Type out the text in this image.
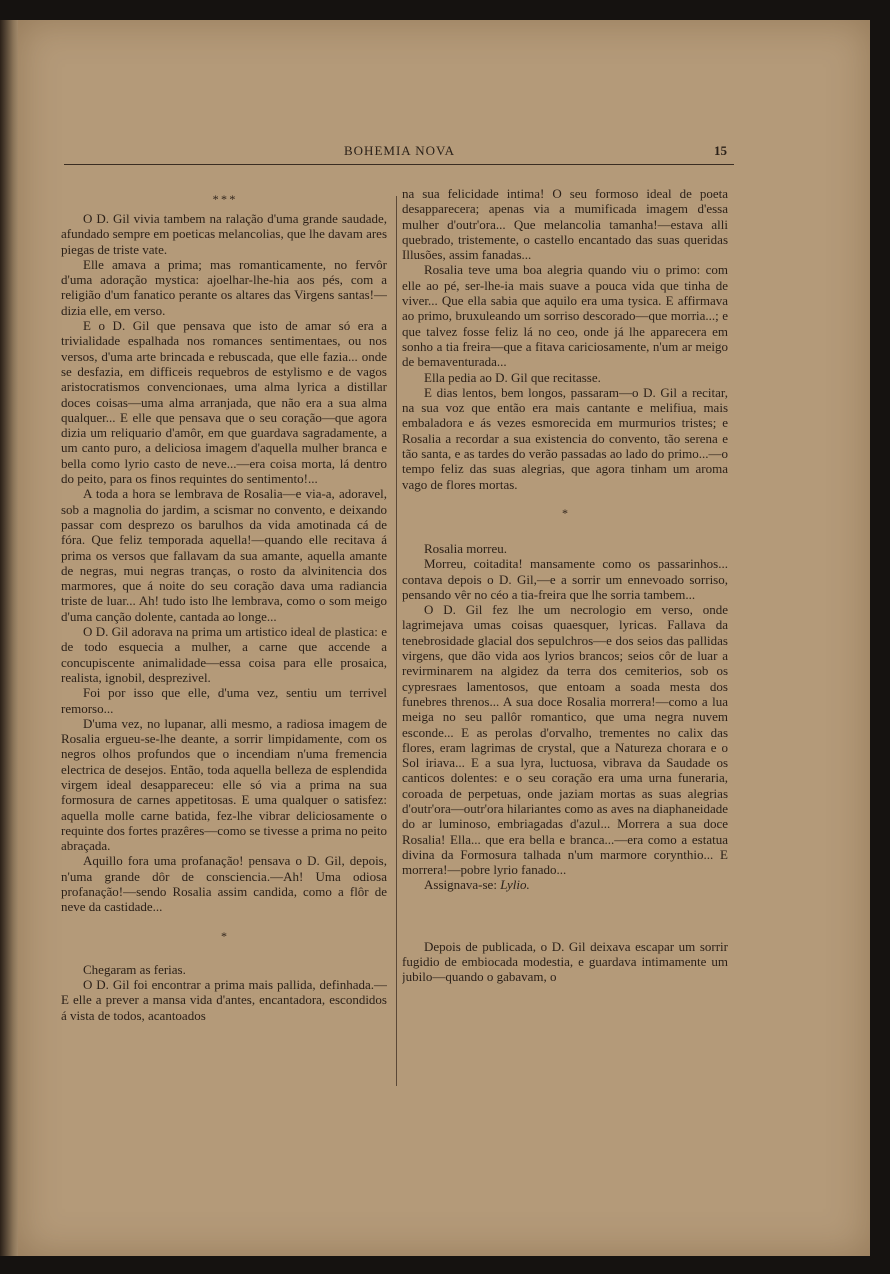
BOHEMIA NOVA	15
* * *

O D. Gil vivia tambem na ralação d'uma grande saudade, afundado sempre em poeticas melancolias, que lhe davam ares piegas de triste vate.

Elle amava a prima; mas romanticamente, no fervôr d'uma adoração mystica: ajoelhar-lhe-hia aos pés, com a religião d'um fanatico perante os altares das Virgens santas!—dizia elle, em verso.

E o D. Gil que pensava que isto de amar só era a trivialidade espalhada nos romances sentimentaes, ou nos versos, d'uma arte brincada e rebuscada, que elle fazia... onde se desfazia, em difficeis requebros de estylismo e de vagos aristocratismos convencionaes, uma alma lyrica a distillar doces coisas—uma alma arranjada, que não era a sua alma qualquer... E elle que pensava que o seu coração—que agora dizia um reliquario d'amôr, em que guardava sagradamente, a um canto puro, a deliciosa imagem d'aquella mulher branca e bella como lyrio casto de neve...—era coisa morta, lá dentro do peito, para os finos requintes do sentimento!...

A toda a hora se lembrava de Rosalia—e via-a, adoravel, sob a magnolia do jardim, a scismar no convento, e deixando passar com desprezo os barulhos da vida amotinada cá de fóra. Que feliz temporada aquella!—quando elle recitava á prima os versos que fallavam da sua amante, aquella amante de negras, mui negras tranças, o rosto da alvinitencia dos marmores, que á noite do seu coração dava uma radiancia triste de luar... Ah! tudo isto lhe lembrava, como o som meigo d'uma canção dolente, cantada ao longe...

O D. Gil adorava na prima um artistico ideal de plastica: e de todo esquecia a mulher, a carne que accende a concupiscente animalidade—essa coisa para elle prosaica, realista, ignobil, desprezivel.

Foi por isso que elle, d'uma vez, sentiu um terrivel remorso...

D'uma vez, no lupanar, alli mesmo, a radiosa imagem de Rosalia ergueu-se-lhe deante, a sorrir limpidamente, com os negros olhos profundos que o incendiam n'uma fremencia electrica de desejos. Então, toda aquella belleza de esplendida virgem ideal desappareceu: elle só via a prima na sua formosura de carnes appetitosas. E uma qualquer o satisfez: aquella molle carne batida, fez-lhe vibrar deliciosamente o requinte dos fortes prazêres—como se tivesse a prima no peito abraçada.

Aquillo fora uma profanação! pensava o D. Gil, depois, n'uma grande dôr de consciencia.—Ah! Uma odiosa profanação!—sendo Rosalia assim candida, como a flôr de neve da castidade...

*

Chegaram as ferias.

O D. Gil foi encontrar a prima mais pallida, definhada.—E elle a prever a mansa vida d'antes, encantadora, escondidos á vista de todos, acantoados

na sua felicidade intima! O seu formoso ideal de poeta desapparecera; apenas via a mumificada imagem d'essa mulher d'outr'ora... Que melancolia tamanha!—estava alli quebrado, tristemente, o castello encantado das suas queridas Illusões, assim fanadas...

Rosalia teve uma boa alegria quando viu o primo: com elle ao pé, ser-lhe-ia mais suave a pouca vida que tinha de viver... Que ella sabia que aquilo era uma tysica. E affirmava ao primo, bruxuleando um sorriso descorado—que morria...; e que talvez fosse feliz lá no ceo, onde já lhe apparecera em sonho a tia freira—que a fitava cariciosamente, n'um ar meigo de bemaventurada...

Ella pedia ao D. Gil que recitasse.

E dias lentos, bem longos, passaram—o D. Gil a recitar, na sua voz que então era mais cantante e melifiua, mais embaladora e ás vezes esmorecida em murmurios tristes; e Rosalia a recordar a sua existencia do convento, tão serena e tão santa, e as tardes do verão passadas ao lado do primo...—o tempo feliz das suas alegrias, que agora tinham um aroma vago de flores mortas.

*

Rosalia morreu.

Morreu, coitadita! mansamente como os passarinhos... contava depois o D. Gil,—e a sorrir um ennevoado sorriso, pensando vêr no céo a tia-freira que lhe sorria tambem...

O D. Gil fez lhe um necrologio em verso, onde lagrimejava umas coisas quaesquer, lyricas. Fallava da tenebrosidade glacial dos sepulchros—e dos seios das pallidas virgens, que dão vida aos lyrios brancos; seios côr de luar a revirminarem na algidez da terra dos cemiterios, sob os cypresraes lamentosos, que entoam a soada mesta dos funebres threnos... A sua doce Rosalia morrera!—como a lua meiga no seu pallôr romantico, que uma negra nuvem esconde... E as perolas d'orvalho, trementes no calix das flores, eram lagrimas de crystal, que a Natureza chorara e o Sol iriava... E a sua lyra, luctuosa, vibrava da Saudade os canticos dolentes: e o seu coração era uma urna funeraria, coroada de perpetuas, onde jaziam mortas as suas alegrias d'outr'ora—outr'ora hilariantes como as aves na diaphaneidade do ar luminoso, embriagadas d'azul... Morrera a sua doce Rosalia! Ella... que era bella e branca...—era como a estatua divina da Formosura talhada n'um marmore corynthio... E morrera!—pobre lyrio fanado...

Assignava-se: Lylio.

Depois de publicada, o D. Gil deixava escapar um sorrir fugidio de embiocada modestia, e guardava intimamente um jubilo—quando o gabavam, o
